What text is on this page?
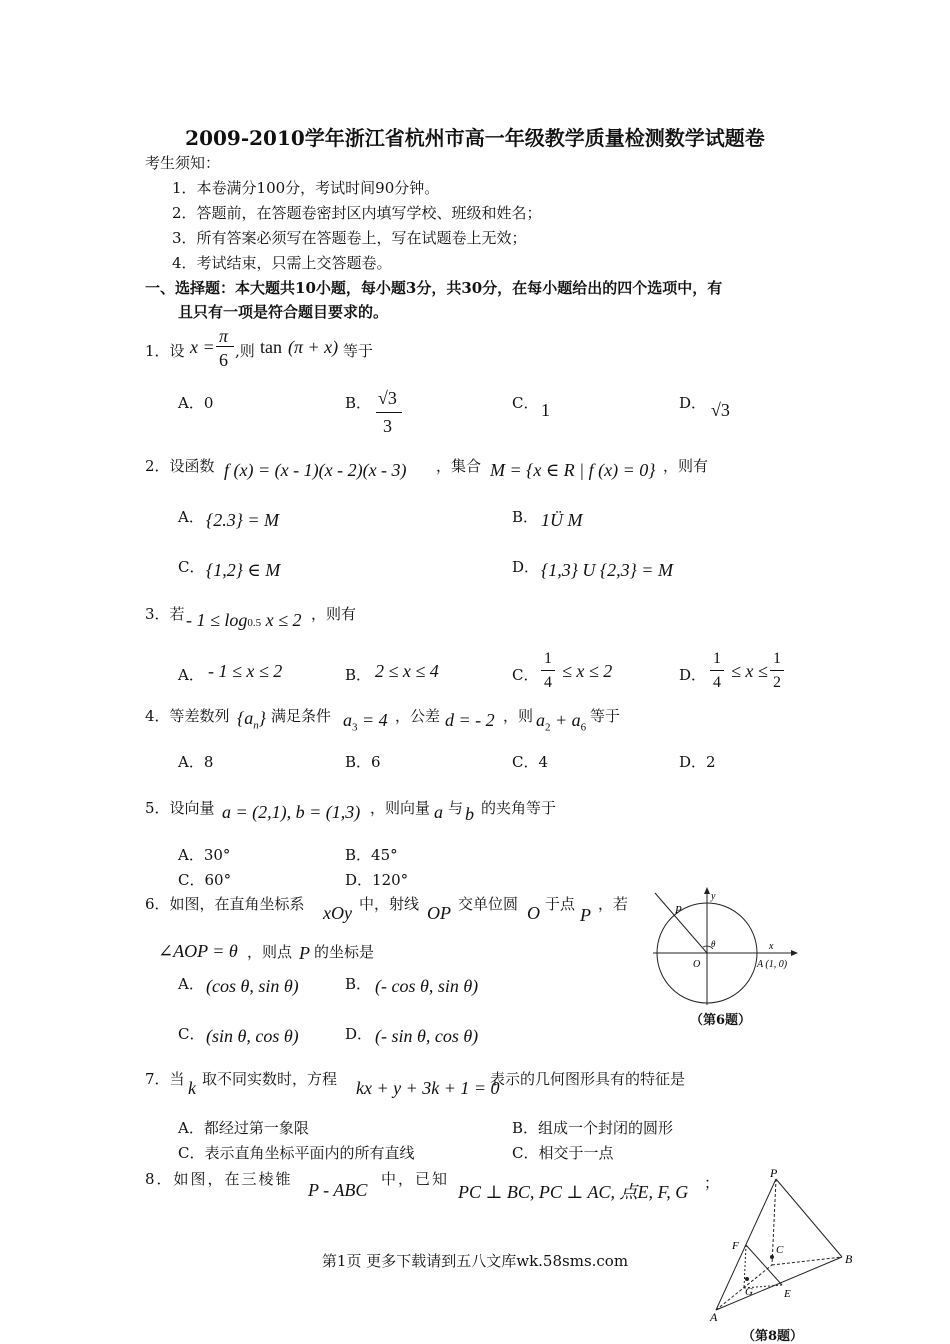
2009-2010学年浙江省杭州市高一年级教学质量检测数学试题卷
考生须知：
1．本卷满分100分，考试时间90分钟。
2．答题前，在答题卷密封区内填写学校、班级和姓名；
3．所有答案必须写在答题卷上，写在试题卷上无效；
4．考试结束，只需上交答题卷。
一、选择题：本大题共10小题，每小题3分，共30分，在每小题给出的四个选项中，有
且只有一项是符合题目要求的。
1．设 x =
π
6 ,则 tan (π + x) 等于
A．0	B． √3
3
C． 1	D． √3
2．设函数 f (x) = (x - 1)(x - 2)(x - 3) ，集合 M = {x ∈ R | f (x) = 0} ，则有
A． {2.3} = M	B． 1Ü M
C． {1,2} ∈ M	D． {1,3} U {2,3} = M
3．若 - 1 ≤ log0.5 x ≤ 2 ，则有
A． - 1 ≤ x ≤ 2	B． 2 ≤ x ≤ 4	C．
1
4
≤ x ≤ 2	D．
1
4
≤ x ≤
1
2
4．等差数列 $\{a_n\}$ 满足条件 $a_3 = 4$ ，公差 d = - 2 ，则 $a_2 + a_6$
等于
A．8	B．6	C．4	D．2
5．设向量 a = (2,1), b = (1,3) ，则向量 a 与 b 的夹角等于
A．30°	B．45°
C．60°	D．120°
6．如图，在直角坐标系 xOy 中，射线 OP 交单位圆 O 于点
P
，若
∠AOP = θ ，则点 P 的坐标是
A． (cos θ, sin θ)	B． (- cos θ, sin θ)
C． (sin θ, cos θ)	D． (- sin θ, cos θ)
P
y
θ	x
O	A (1, 0)
（第6题）
7．当 k 取不同实数时，方程 kx + y + 3k + 1 = 0
表示的几何图形具有的特征是
A．都经过第一象限	B．组成一个封闭的圆形
C．表示直角坐标平面内的所有直线	C．相交于一点
8．如图，在三棱锥
P - ABC
中，已知
PC ⊥ BC, PC ⊥ AC, 点E, F, G ；
P
C
B
F
G	E
A
（第8题）
第1页 更多下载请到五八文库wk.58sms.com
